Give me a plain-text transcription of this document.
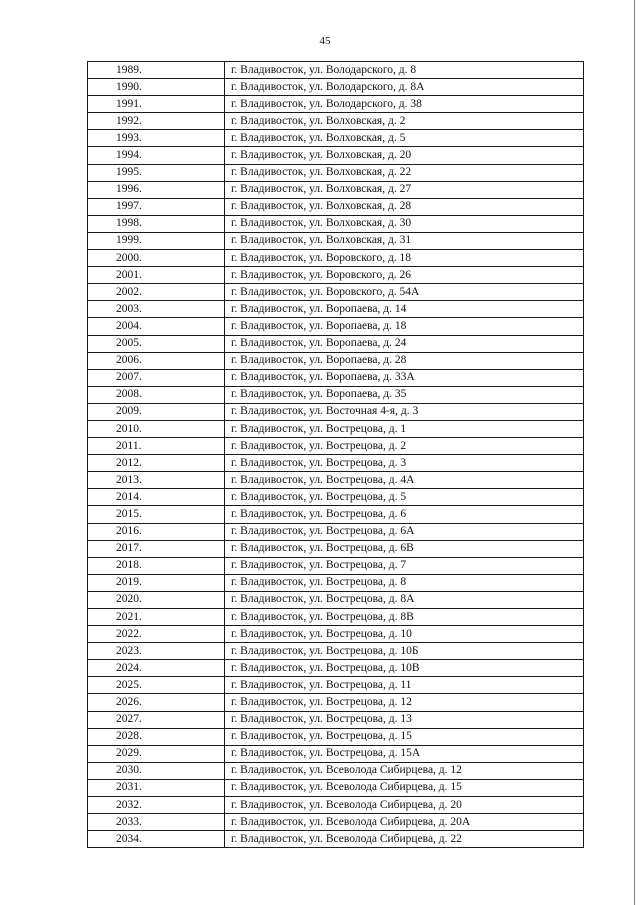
45
1989.	г. Владивосток, ул. Володарского, д. 8
1990.	г. Владивосток, ул. Володарского, д. 8А
1991.	г. Владивосток, ул. Володарского, д. 38
1992.	г. Владивосток, ул. Волховская, д. 2
1993.	г. Владивосток, ул. Волховская, д. 5
1994.	г. Владивосток, ул. Волховская, д. 20
1995.	г. Владивосток, ул. Волховская, д. 22
1996.	г. Владивосток, ул. Волховская, д. 27
1997.	г. Владивосток, ул. Волховская, д. 28
1998.	г. Владивосток, ул. Волховская, д. 30
1999.	г. Владивосток, ул. Волховская, д. 31
2000.	г. Владивосток, ул. Воровского, д. 18
2001.	г. Владивосток, ул. Воровского, д. 26
2002.	г. Владивосток, ул. Воровского, д. 54А
2003.	г. Владивосток, ул. Воропаева, д. 14
2004.	г. Владивосток, ул. Воропаева, д. 18
2005.	г. Владивосток, ул. Воропаева, д. 24
2006.	г. Владивосток, ул. Воропаева, д. 28
2007.	г. Владивосток, ул. Воропаева, д. 33А
2008.	г. Владивосток, ул. Воропаева, д. 35
2009.	г. Владивосток, ул. Восточная 4-я, д. 3
2010.	г. Владивосток, ул. Вострецова, д. 1
2011.	г. Владивосток, ул. Вострецова, д. 2
2012.	г. Владивосток, ул. Вострецова, д. 3
2013.	г. Владивосток, ул. Вострецова, д. 4А
2014.	г. Владивосток, ул. Вострецова, д. 5
2015.	г. Владивосток, ул. Вострецова, д. 6
2016.	г. Владивосток, ул. Вострецова, д. 6А
2017.	г. Владивосток, ул. Вострецова, д. 6В
2018.	г. Владивосток, ул. Вострецова, д. 7
2019.	г. Владивосток, ул. Вострецова, д. 8
2020.	г. Владивосток, ул. Вострецова, д. 8А
2021.	г. Владивосток, ул. Вострецова, д. 8В
2022.	г. Владивосток, ул. Вострецова, д. 10
2023.	г. Владивосток, ул. Вострецова, д. 10Б
2024.	г. Владивосток, ул. Вострецова, д. 10В
2025.	г. Владивосток, ул. Вострецова, д. 11
2026.	г. Владивосток, ул. Вострецова, д. 12
2027.	г. Владивосток, ул. Вострецова, д. 13
2028.	г. Владивосток, ул. Вострецова, д. 15
2029.	г. Владивосток, ул. Вострецова, д. 15А
2030.	г. Владивосток, ул. Всеволода Сибирцева, д. 12
2031.	г. Владивосток, ул. Всеволода Сибирцева, д. 15
2032.	г. Владивосток, ул. Всеволода Сибирцева, д. 20
2033.	г. Владивосток, ул. Всеволода Сибирцева, д. 20А
2034.	г. Владивосток, ул. Всеволода Сибирцева, д. 22
